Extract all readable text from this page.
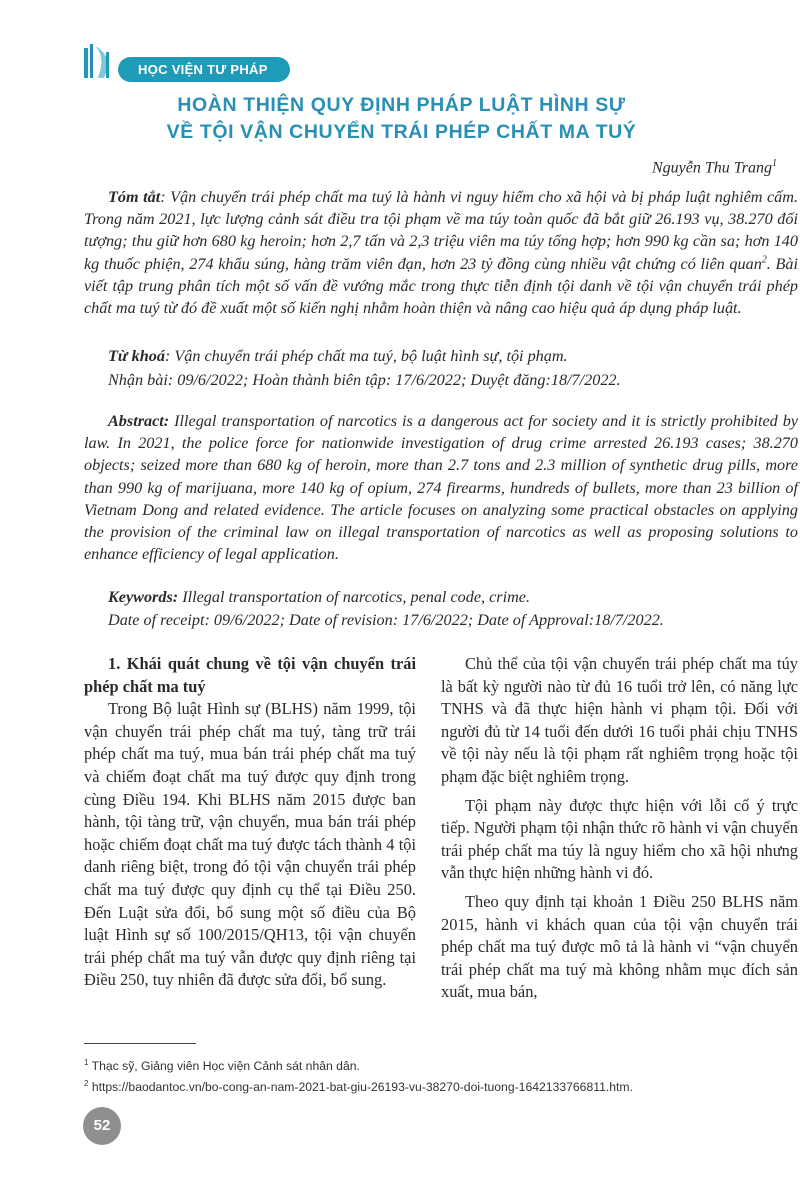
HỌC VIỆN TƯ PHÁP
HOÀN THIỆN QUY ĐỊNH PHÁP LUẬT HÌNH SỰ
VỀ TỘI VẬN CHUYỂN TRÁI PHÉP CHẤT MA TUÝ
Nguyễn Thu Trang$^1$

Tóm tắt: Vận chuyển trái phép chất ma tuý là hành vi nguy hiểm cho xã hội và bị pháp luật nghiêm cấm. Trong năm 2021, lực lượng cảnh sát điều tra tội phạm về ma túy toàn quốc đã bắt giữ 26.193 vụ, 38.270 đối tượng; thu giữ hơn 680 kg heroin; hơn 2,7 tấn và 2,3 triệu viên ma túy tổng hợp; hơn 990 kg cần sa; hơn 140 kg thuốc phiện, 274 khẩu súng, hàng trăm viên đạn, hơn 23 tỷ đồng cùng nhiều vật chứng có liên quan$^2$. Bài viết tập trung phân tích một số vấn đề vướng mắc trong thực tiễn định tội danh về tội vận chuyển trái phép chất ma tuý từ đó đề xuất một số kiến nghị nhằm hoàn thiện và nâng cao hiệu quả áp dụng pháp luật.

Từ khoá: Vận chuyển trái phép chất ma tuý, bộ luật hình sự, tội phạm.

Nhận bài: 09/6/2022; Hoàn thành biên tập: 17/6/2022; Duyệt đăng:18/7/2022.

Abstract: Illegal transportation of narcotics is a dangerous act for society and it is strictly prohibited by law. In 2021, the police force for nationwide investigation of drug crime arrested 26.193 cases; 38.270 objects; seized more than 680 kg of heroin, more than 2.7 tons and 2.3 million of synthetic drug pills, more than 990 kg of marijuana, more 140 kg of opium, 274 firearms, hundreds of bullets, more than 23 billion of Vietnam Dong and related evidence. The article focuses on analyzing some practical obstacles on applying the provision of the criminal law on illegal transportation of narcotics as well as proposing solutions to enhance efficiency of legal application.

Keywords: Illegal transportation of narcotics, penal code, crime.

Date of receipt: 09/6/2022; Date of revision: 17/6/2022; Date of Approval:18/7/2022.

1. Khái quát chung về tội vận chuyển trái phép chất ma tuý

Trong Bộ luật Hình sự (BLHS) năm 1999, tội vận chuyển trái phép chất ma tuý, tàng trữ trái phép chất ma tuý, mua bán trái phép chất ma tuý và chiếm đoạt chất ma tuý được quy định trong cùng Điều 194. Khi BLHS năm 2015 được ban hành, tội tàng trữ, vận chuyển, mua bán trái phép hoặc chiếm đoạt chất ma tuý được tách thành 4 tội danh riêng biệt, trong đó tội vận chuyển trái phép chất ma tuý được quy định cụ thể tại Điều 250. Đến Luật sửa đổi, bổ sung một số điều của Bộ luật Hình sự số 100/2015/QH13, tội vận chuyển trái phép chất ma tuý vẫn được quy định riêng tại Điều 250, tuy nhiên đã được sửa đổi, bổ sung.

Chủ thể của tội vận chuyển trái phép chất ma túy là bất kỳ người nào từ đủ 16 tuổi trở lên, có năng lực TNHS và đã thực hiện hành vi phạm tội. Đối với người đủ từ 14 tuổi đến dưới 16 tuổi phải chịu TNHS về tội này nếu là tội phạm rất nghiêm trọng hoặc tội phạm đặc biệt nghiêm trọng.

Tội phạm này được thực hiện với lỗi cố ý trực tiếp. Người phạm tội nhận thức rõ hành vi vận chuyển trái phép chất ma túy là nguy hiểm cho xã hội nhưng vẫn thực hiện những hành vi đó.

Theo quy định tại khoản 1 Điều 250 BLHS năm 2015, hành vi khách quan của tội vận chuyển trái phép chất ma tuý được mô tả là hành vi “vận chuyển trái phép chất ma tuý mà không nhằm mục đích sản xuất, mua bán,

$^1$ Thạc sỹ, Giảng viên Học viện Cảnh sát nhân dân.
$^2$ https://baodantoc.vn/bo-cong-an-nam-2021-bat-giu-26193-vu-38270-doi-tuong-1642133766811.htm.
52
